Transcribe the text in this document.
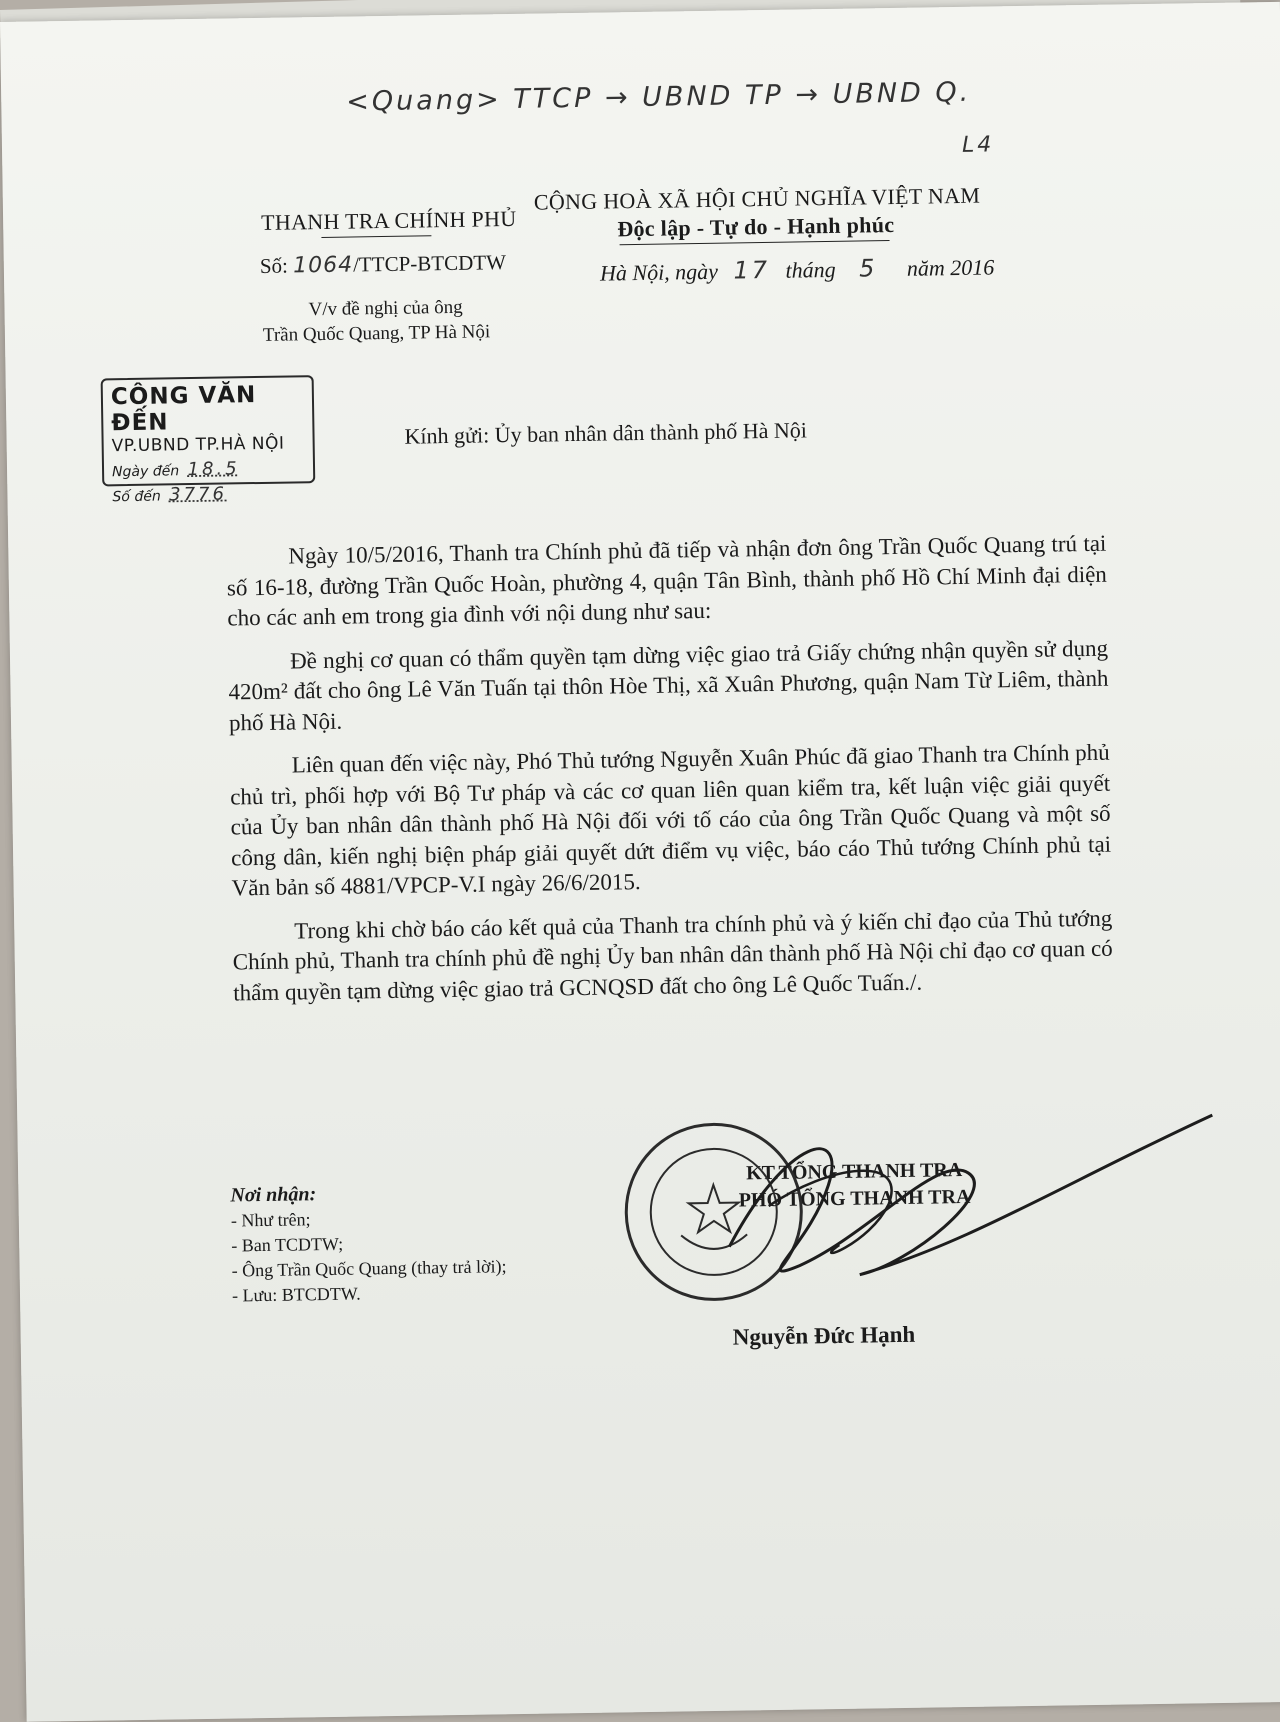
<Quang> TTCP → UBND TP → UBND Q.
L4
THANH TRA CHÍNH PHỦ
Số: 1064/TTCP-BTCDTW
V/v đề nghị của ông
Trần Quốc Quang, TP Hà Nội
CỘNG HOÀ XÃ HỘI CHỦ NGHĨA VIỆT NAM
Độc lập - Tự do - Hạnh phúc
Hà Nội, ngày 17 tháng 5 năm 2016
CÔNG VĂN ĐẾN
VP.UBND TP.HÀ NỘI
Ngày đến 18.5
Số đến 3776
Kính gửi: Ủy ban nhân dân thành phố Hà Nội

Ngày 10/5/2016, Thanh tra Chính phủ đã tiếp và nhận đơn ông Trần Quốc Quang trú tại số 16-18, đường Trần Quốc Hoàn, phường 4, quận Tân Bình, thành phố Hồ Chí Minh đại diện cho các anh em trong gia đình với nội dung như sau:

Đề nghị cơ quan có thẩm quyền tạm dừng việc giao trả Giấy chứng nhận quyền sử dụng 420m² đất cho ông Lê Văn Tuấn tại thôn Hòe Thị, xã Xuân Phương, quận Nam Từ Liêm, thành phố Hà Nội.

Liên quan đến việc này, Phó Thủ tướng Nguyễn Xuân Phúc đã giao Thanh tra Chính phủ chủ trì, phối hợp với Bộ Tư pháp và các cơ quan liên quan kiểm tra, kết luận việc giải quyết của Ủy ban nhân dân thành phố Hà Nội đối với tố cáo của ông Trần Quốc Quang và một số công dân, kiến nghị biện pháp giải quyết dứt điểm vụ việc, báo cáo Thủ tướng Chính phủ tại Văn bản số 4881/VPCP-V.I ngày 26/6/2015.

Trong khi chờ báo cáo kết quả của Thanh tra chính phủ và ý kiến chỉ đạo của Thủ tướng Chính phủ, Thanh tra chính phủ đề nghị Ủy ban nhân dân thành phố Hà Nội chỉ đạo cơ quan có thẩm quyền tạm dừng việc giao trả GCNQSD đất cho ông Lê Quốc Tuấn./.

Nơi nhận:
- Như trên;
- Ban TCDTW;
- Ông Trần Quốc Quang (thay trả lời);
- Lưu: BTCDTW.
KT.TỔNG THANH TRA
PHÓ TỔNG THANH TRA
Nguyễn Đức Hạnh
